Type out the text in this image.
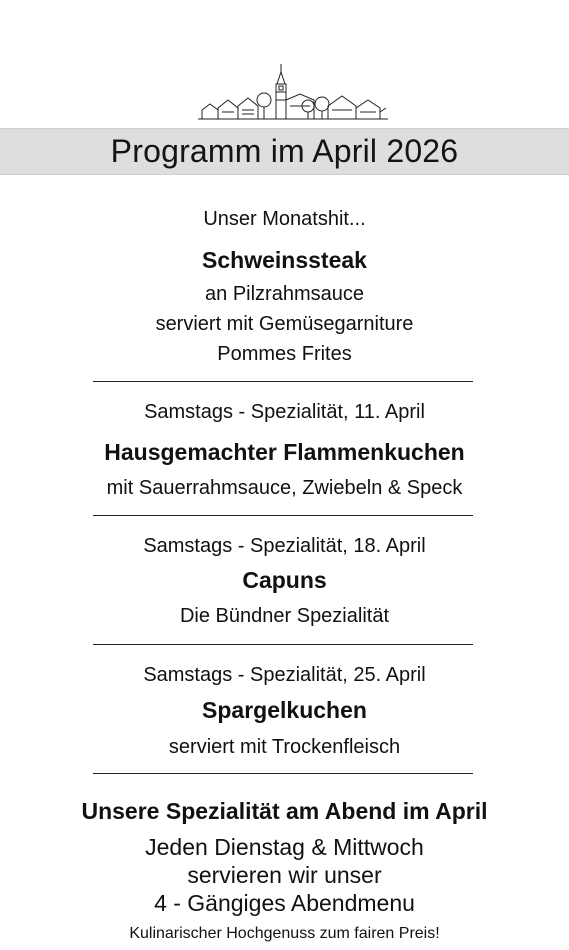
Programm im April 2026
Unser Monatshit...
Schweinssteak
an Pilzrahmsauce
serviert mit Gemüsegarniture
Pommes Frites
Samstags - Spezialität, 11. April
Hausgemachter Flammenkuchen
mit Sauerrahmsauce, Zwiebeln & Speck
Samstags - Spezialität, 18. April
Capuns
Die Bündner Spezialität
Samstags - Spezialität, 25. April
Spargelkuchen
serviert mit Trockenfleisch
Unsere Spezialität am Abend im April
Jeden Dienstag & Mittwoch
servieren wir unser
4 - Gängiges Abendmenu
Kulinarischer Hochgenuss zum fairen Preis!
